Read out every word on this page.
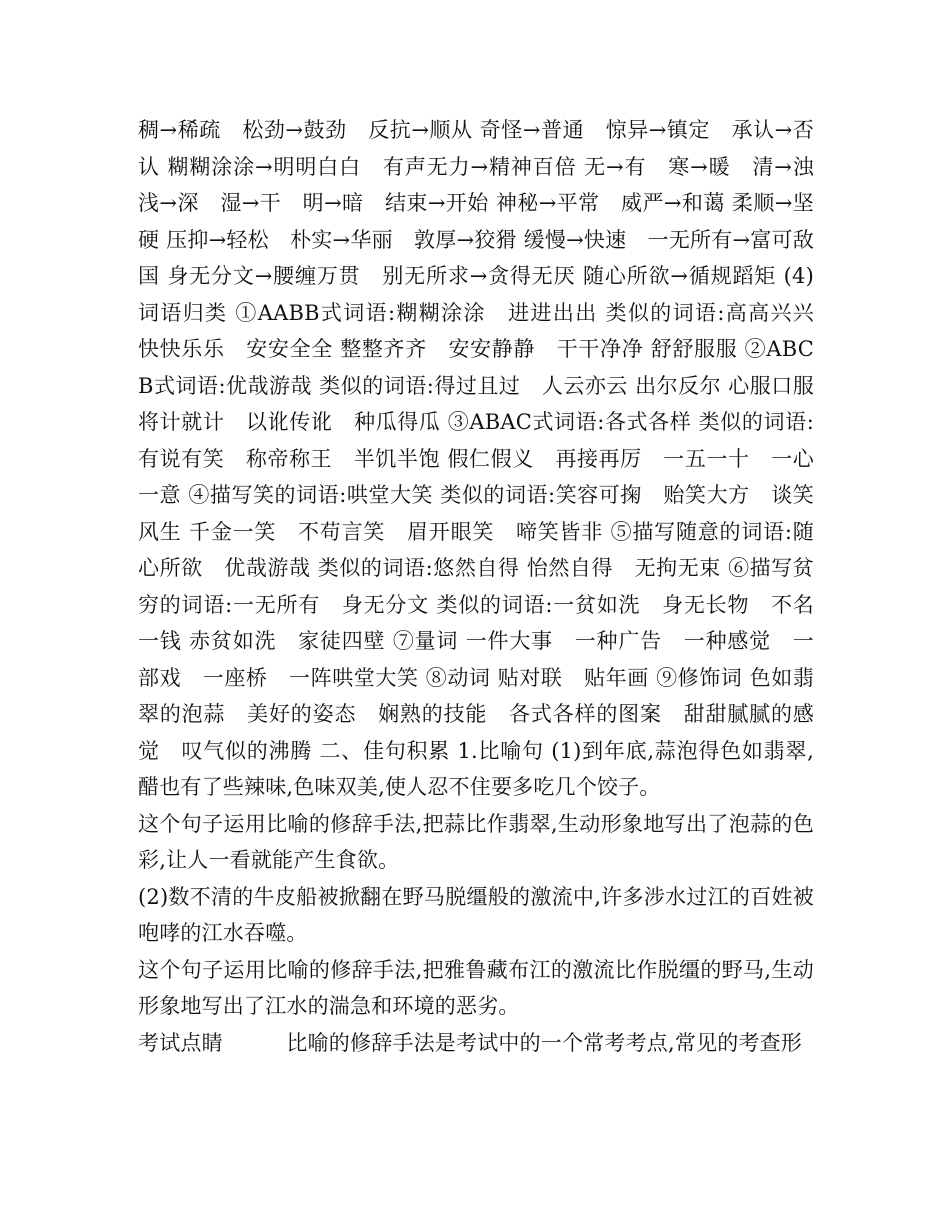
稠→稀疏　松劲→鼓劲　反抗→顺从 奇怪→普通　惊异→镇定　承认→否认 糊糊涂涂→明明白白　有声无力→精神百倍 无→有　寒→暖　清→浊 浅→深　湿→干　明→暗　结束→开始 神秘→平常　威严→和蔼 柔顺→坚硬 压抑→轻松　朴实→华丽　敦厚→狡猾 缓慢→快速　一无所有→富可敌国 身无分文→腰缠万贯　别无所求→贪得无厌 随心所欲→循规蹈矩 (4)词语归类 ①AABB式词语:糊糊涂涂　进进出出 类似的词语:高高兴兴　快快乐乐　安安全全 整整齐齐　安安静静　干干净净 舒舒服服 ②ABCB式词语:优哉游哉 类似的词语:得过且过　人云亦云 出尔反尔 心服口服　将计就计　以讹传讹　种瓜得瓜 ③ABAC式词语:各式各样 类似的词语:有说有笑　称帝称王　半饥半饱 假仁假义　再接再厉　一五一十　一心一意 ④描写笑的词语:哄堂大笑 类似的词语:笑容可掬　贻笑大方　谈笑风生 千金一笑　不苟言笑　眉开眼笑　啼笑皆非 ⑤描写随意的词语:随心所欲　优哉游哉 类似的词语:悠然自得 怡然自得　无拘无束 ⑥描写贫穷的词语:一无所有　身无分文 类似的词语:一贫如洗　身无长物　不名一钱 赤贫如洗　家徒四壁 ⑦量词 一件大事　一种广告　一种感觉　一部戏　一座桥　一阵哄堂大笑 ⑧动词 贴对联　贴年画 ⑨修饰词 色如翡翠的泡蒜　美好的姿态　娴熟的技能　各式各样的图案　甜甜腻腻的感觉　叹气似的沸腾 二、佳句积累 1.比喻句 (1)到年底,蒜泡得色如翡翠,醋也有了些辣味,色味双美,使人忍不住要多吃几个饺子。

这个句子运用比喻的修辞手法,把蒜比作翡翠,生动形象地写出了泡蒜的色彩,让人一看就能产生食欲。

(2)数不清的牛皮船被掀翻在野马脱缰般的激流中,许多涉水过江的百姓被咆哮的江水吞噬。

这个句子运用比喻的修辞手法,把雅鲁藏布江的激流比作脱缰的野马,生动形象地写出了江水的湍急和环境的恶劣。

考试点睛　　　比喻的修辞手法是考试中的一个常考考点,常见的考查形
